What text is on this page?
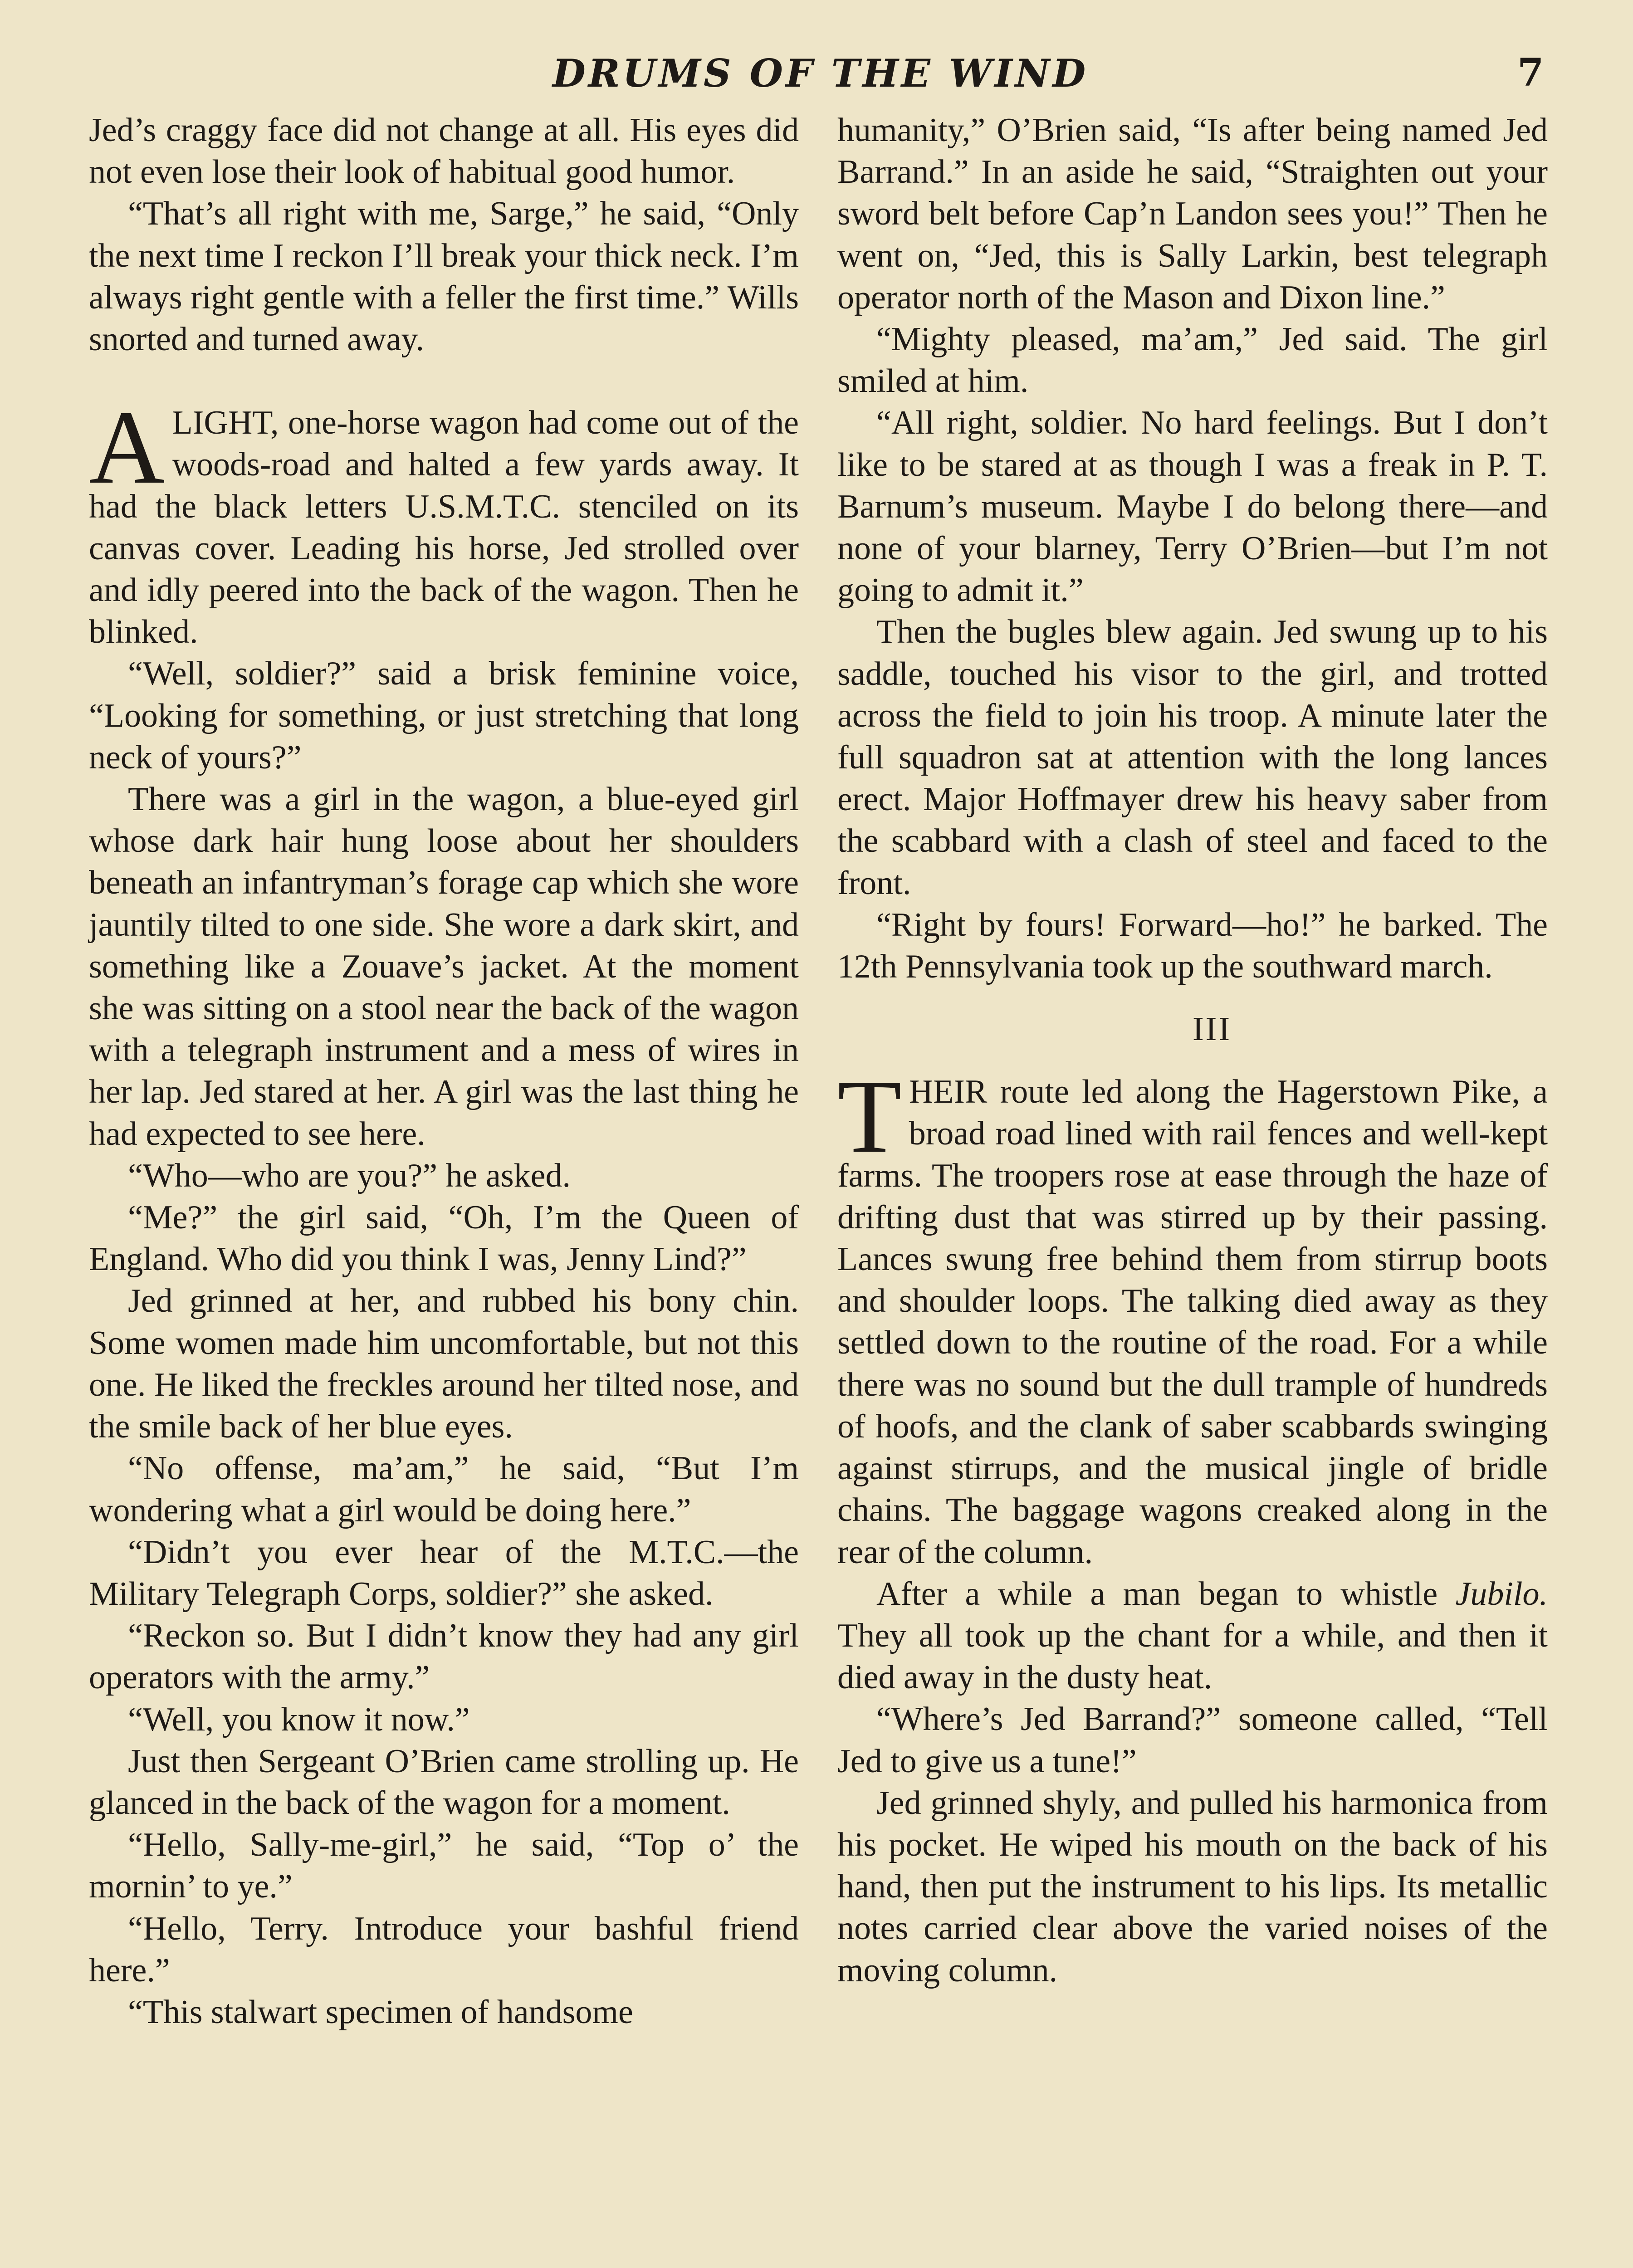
DRUMS OF THE WIND	7

Jed’s craggy face did not change at all. His eyes did not even lose their look of habitual good humor.

“That’s all right with me, Sarge,” he said, “Only the next time I reckon I’ll break your thick neck. I’m always right gentle with a feller the first time.” Wills snorted and turned away.

ALIGHT, one-horse wagon had come out of the woods-road and halted a few yards away. It had the black letters U.S.M.T.C. stenciled on its canvas cover. Leading his horse, Jed strolled over and idly peered into the back of the wagon. Then he blinked.

“Well, soldier?” said a brisk feminine voice, “Looking for something, or just stretching that long neck of yours?”

There was a girl in the wagon, a blue-eyed girl whose dark hair hung loose about her shoulders beneath an infantryman’s forage cap which she wore jauntily tilted to one side. She wore a dark skirt, and something like a Zouave’s jacket. At the moment she was sitting on a stool near the back of the wagon with a telegraph instrument and a mess of wires in her lap. Jed stared at her. A girl was the last thing he had expected to see here.

“Who—who are you?” he asked.

“Me?” the girl said, “Oh, I’m the Queen of England. Who did you think I was, Jenny Lind?”

Jed grinned at her, and rubbed his bony chin. Some women made him uncomfortable, but not this one. He liked the freckles around her tilted nose, and the smile back of her blue eyes.

“No offense, ma’am,” he said, “But I’m wondering what a girl would be doing here.”

“Didn’t you ever hear of the M.T.C.—the Military Telegraph Corps, soldier?” she asked.

“Reckon so. But I didn’t know they had any girl operators with the army.”

“Well, you know it now.”

Just then Sergeant O’Brien came strolling up. He glanced in the back of the wagon for a moment.

“Hello, Sally-me-girl,” he said, “Top o’ the mornin’ to ye.”

“Hello, Terry. Introduce your bashful friend here.”

“This stalwart specimen of handsome

humanity,” O’Brien said, “Is after being named Jed Barrand.” In an aside he said, “Straighten out your sword belt before Cap’n Landon sees you!” Then he went on, “Jed, this is Sally Larkin, best telegraph operator north of the Mason and Dixon line.”

“Mighty pleased, ma’am,” Jed said. The girl smiled at him.

“All right, soldier. No hard feelings. But I don’t like to be stared at as though I was a freak in P. T. Barnum’s museum. Maybe I do belong there—and none of your blarney, Terry O’Brien—but I’m not going to admit it.”

Then the bugles blew again. Jed swung up to his saddle, touched his visor to the girl, and trotted across the field to join his troop. A minute later the full squadron sat at attention with the long lances erect. Major Hoffmayer drew his heavy saber from the scabbard with a clash of steel and faced to the front.

“Right by fours! Forward—ho!” he barked. The 12th Pennsylvania took up the southward march.

III

THEIR route led along the Hagerstown Pike, a broad road lined with rail fences and well-kept farms. The troopers rose at ease through the haze of drifting dust that was stirred up by their passing. Lances swung free behind them from stirrup boots and shoulder loops. The talking died away as they settled down to the routine of the road. For a while there was no sound but the dull trample of hundreds of hoofs, and the clank of saber scabbards swinging against stirrups, and the musical jingle of bridle chains. The baggage wagons creaked along in the rear of the column.

After a while a man began to whistle Jubilo. They all took up the chant for a while, and then it died away in the dusty heat.

“Where’s Jed Barrand?” someone called, “Tell Jed to give us a tune!”

Jed grinned shyly, and pulled his harmonica from his pocket. He wiped his mouth on the back of his hand, then put the instrument to his lips. Its metallic notes carried clear above the varied noises of the moving column.
